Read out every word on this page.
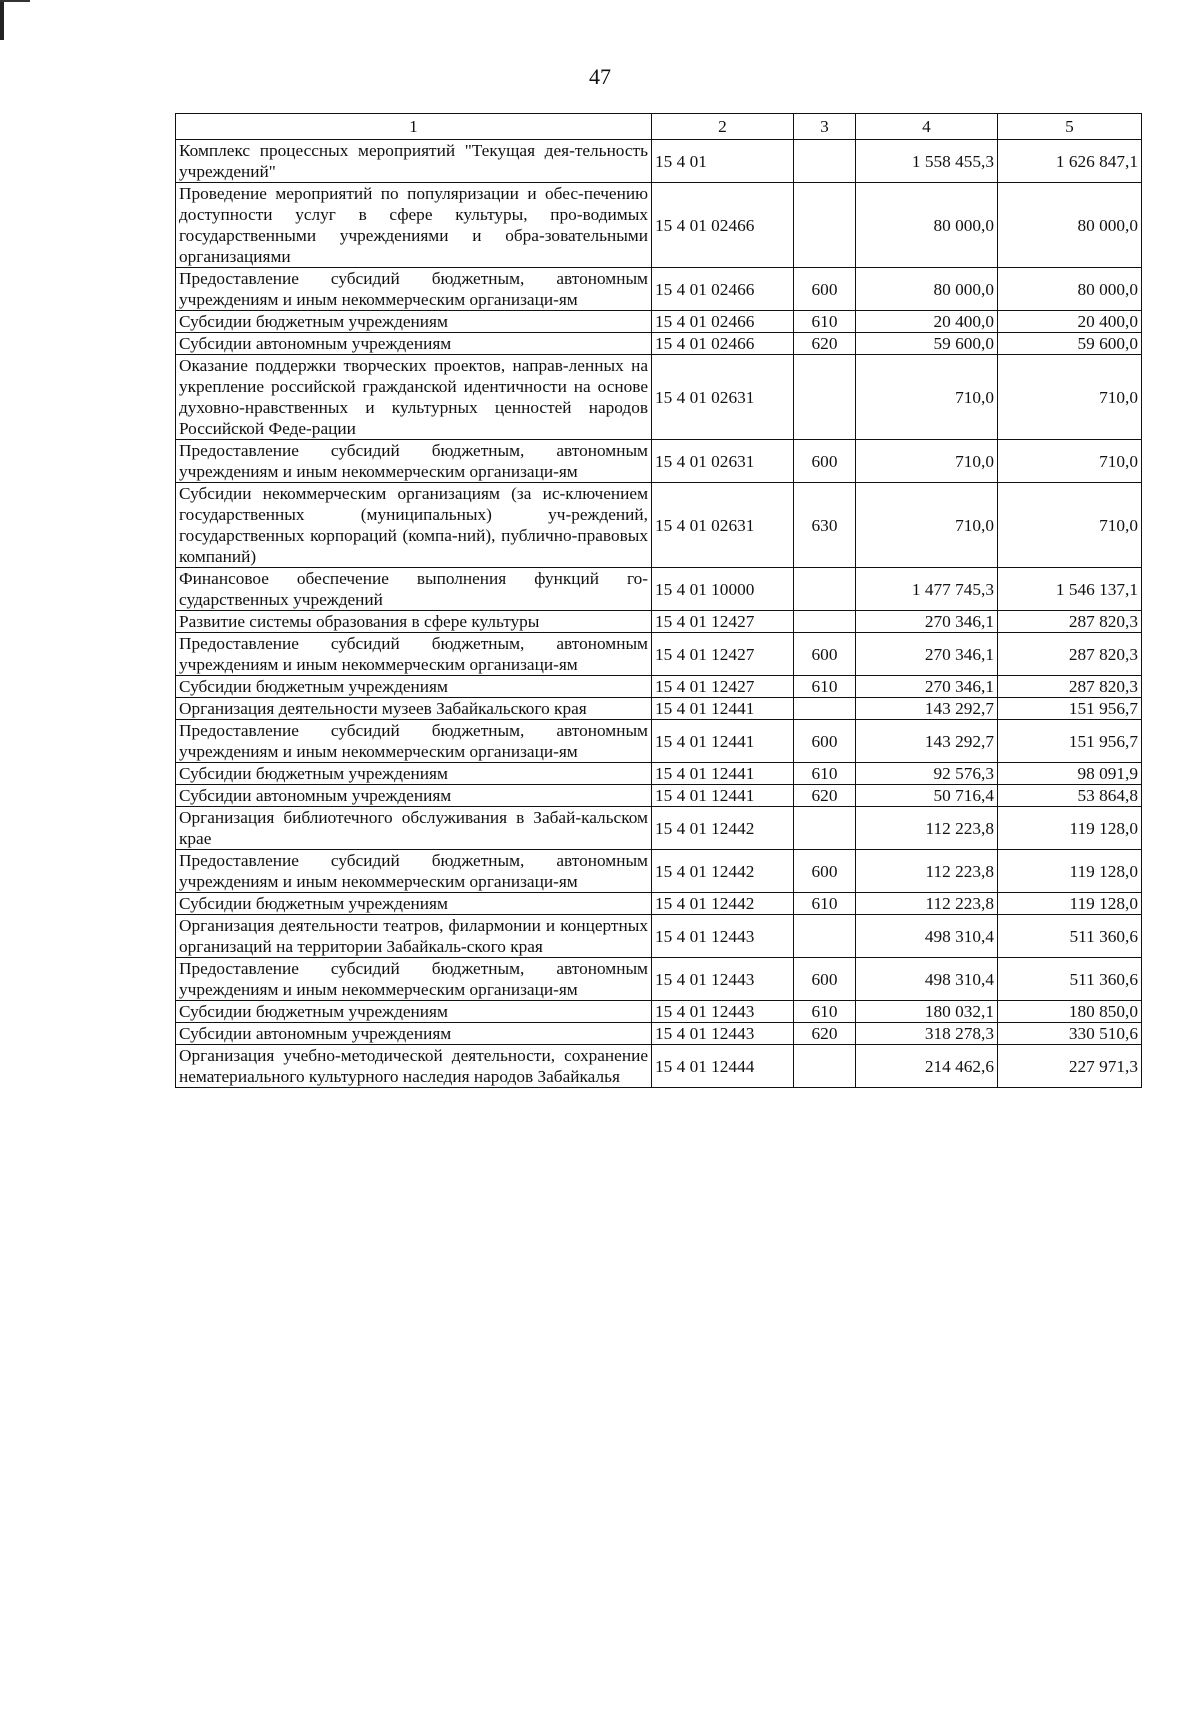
47
1	2	3	4	5
Комплекс процессных мероприятий "Текущая дея-тельность учреждений"	15 4 01		1 558 455,3	1 626 847,1
Проведение мероприятий по популяризации и обес-печению доступности услуг в сфере культуры, про-водимых государственными учреждениями и обра-зовательными организациями	15 4 01 02466		80 000,0	80 000,0
Предоставление субсидий бюджетным, автономным учреждениям и иным некоммерческим организаци-ям	15 4 01 02466	600	80 000,0	80 000,0
Субсидии бюджетным учреждениям	15 4 01 02466	610	20 400,0	20 400,0
Субсидии автономным учреждениям	15 4 01 02466	620	59 600,0	59 600,0
Оказание поддержки творческих проектов, направ-ленных на укрепление российской гражданской идентичности на основе духовно-нравственных и культурных ценностей народов Российской Феде-рации	15 4 01 02631		710,0	710,0
Предоставление субсидий бюджетным, автономным учреждениям и иным некоммерческим организаци-ям	15 4 01 02631	600	710,0	710,0
Субсидии некоммерческим организациям (за ис-ключением государственных (муниципальных) уч-реждений, государственных корпораций (компа-ний), публично-правовых компаний)	15 4 01 02631	630	710,0	710,0
Финансовое обеспечение выполнения функций го-сударственных учреждений	15 4 01 10000		1 477 745,3	1 546 137,1
Развитие системы образования в сфере культуры	15 4 01 12427		270 346,1	287 820,3
Предоставление субсидий бюджетным, автономным учреждениям и иным некоммерческим организаци-ям	15 4 01 12427	600	270 346,1	287 820,3
Субсидии бюджетным учреждениям	15 4 01 12427	610	270 346,1	287 820,3
Организация деятельности музеев Забайкальского края	15 4 01 12441		143 292,7	151 956,7
Предоставление субсидий бюджетным, автономным учреждениям и иным некоммерческим организаци-ям	15 4 01 12441	600	143 292,7	151 956,7
Субсидии бюджетным учреждениям	15 4 01 12441	610	92 576,3	98 091,9
Субсидии автономным учреждениям	15 4 01 12441	620	50 716,4	53 864,8
Организация библиотечного обслуживания в Забай-кальском крае	15 4 01 12442		112 223,8	119 128,0
Предоставление субсидий бюджетным, автономным учреждениям и иным некоммерческим организаци-ям	15 4 01 12442	600	112 223,8	119 128,0
Субсидии бюджетным учреждениям	15 4 01 12442	610	112 223,8	119 128,0
Организация деятельности театров, филармонии и концертных организаций на территории Забайкаль-ского края	15 4 01 12443		498 310,4	511 360,6
Предоставление субсидий бюджетным, автономным учреждениям и иным некоммерческим организаци-ям	15 4 01 12443	600	498 310,4	511 360,6
Субсидии бюджетным учреждениям	15 4 01 12443	610	180 032,1	180 850,0
Субсидии автономным учреждениям	15 4 01 12443	620	318 278,3	330 510,6
Организация учебно-методической деятельности, сохранение нематериального культурного наследия народов Забайкалья	15 4 01 12444		214 462,6	227 971,3
